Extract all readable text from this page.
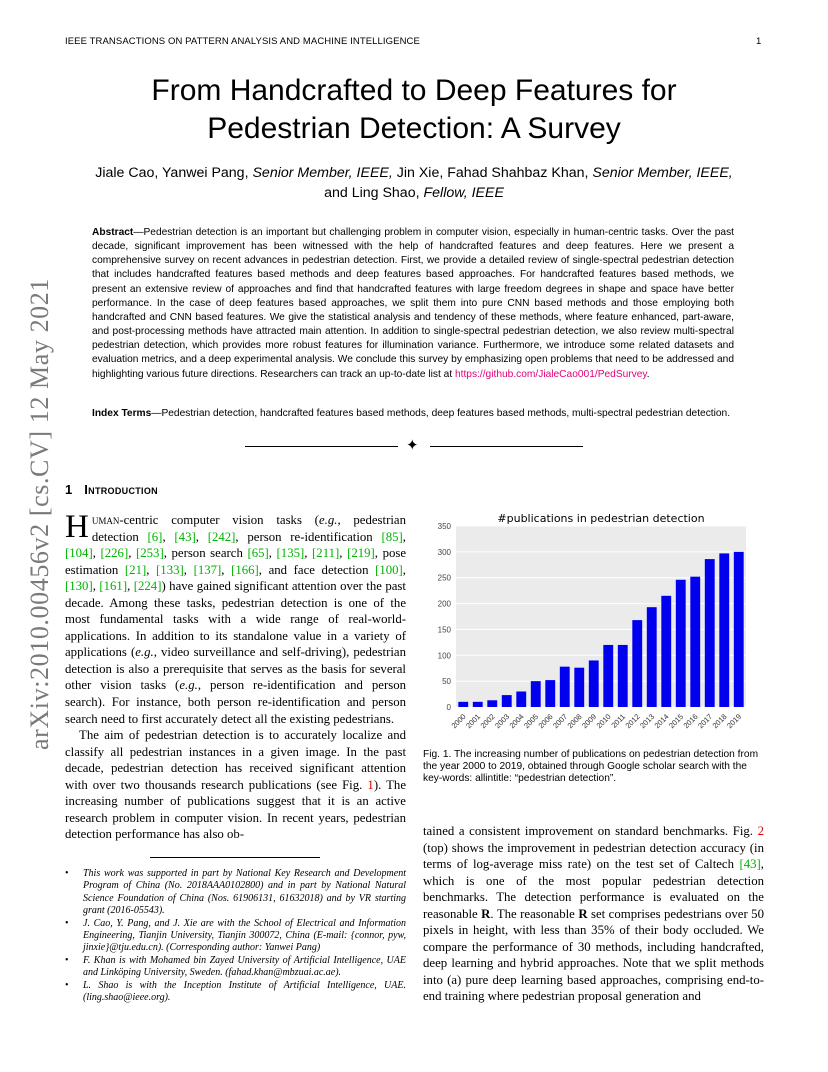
IEEE TRANSACTIONS ON PATTERN ANALYSIS AND MACHINE INTELLIGENCE	1
From Handcrafted to Deep Features for
Pedestrian Detection: A Survey
Jiale Cao, Yanwei Pang, Senior Member, IEEE, Jin Xie, Fahad Shahbaz Khan, Senior Member, IEEE,
and Ling Shao, Fellow, IEEE
Abstract—Pedestrian detection is an important but challenging problem in computer vision, especially in human-centric tasks. Over the past decade, significant improvement has been witnessed with the help of handcrafted features and deep features. Here we present a comprehensive survey on recent advances in pedestrian detection. First, we provide a detailed review of single-spectral pedestrian detection that includes handcrafted features based methods and deep features based approaches. For handcrafted features based methods, we present an extensive review of approaches and find that handcrafted features with large freedom degrees in shape and space have better performance. In the case of deep features based approaches, we split them into pure CNN based methods and those employing both handcrafted and CNN based features. We give the statistical analysis and tendency of these methods, where feature enhanced, part-aware, and post-processing methods have attracted main attention. In addition to single-spectral pedestrian detection, we also review multi-spectral pedestrian detection, which provides more robust features for illumination variance. Furthermore, we introduce some related datasets and evaluation metrics, and a deep experimental analysis. We conclude this survey by emphasizing open problems that need to be addressed and highlighting various future directions. Researchers can track an up-to-date list at https://github.com/JialeCao001/PedSurvey.
Index Terms—Pedestrian detection, handcrafted features based methods, deep features based methods, multi-spectral pedestrian detection.
✦
arXiv:2010.00456v2 [cs.CV] 12 May 2021 1 Introduction

Human-centric computer vision tasks (e.g., pedestrian detection [6], [43], [242], person re-identification [85], [104], [226], [253], person search [65], [135], [211], [219], pose estimation [21], [133], [137], [166], and face detection [100], [130], [161], [224]) have gained significant attention over the past decade. Among these tasks, pedestrian detection is one of the most fundamental tasks with a wide range of real-world-applications. In addition to its standalone value in a variety of applications (e.g., video surveillance and self-driving), pedestrian detection is also a prerequisite that serves as the basis for several other vision tasks (e.g., person re-identification and person search). For instance, both person re-identification and person search need to first accurately detect all the existing pedestrians.

The aim of pedestrian detection is to accurately localize and classify all pedestrian instances in a given image. In the past decade, pedestrian detection has received significant attention with over two thousands research publications (see Fig. 1). The increasing number of publications suggest that it is an active research problem in computer vision. In recent years, pedestrian detection performance has also ob-

• This work was supported in part by National Key Research and Development Program of China (No. 2018AAA0102800) and in part by National Natural Science Foundation of China (Nos. 61906131, 61632018) and by VR starting grant (2016-05543).
• J. Cao, Y. Pang, and J. Xie are with the School of Electrical and Information Engineering, Tianjin University, Tianjin 300072, China (E-mail: {connor, pyw, jinxie}@tju.edu.cn). (Corresponding author: Yanwei Pang)
• F. Khan is with Mohamed bin Zayed University of Artificial Intelligence, UAE and Linköping University, Sweden. (fahad.khan@mbzuai.ac.ae).
• L. Shao is with the Inception Institute of Artificial Intelligence, UAE. (ling.shao@ieee.org).
0
50
100
150
200
250
300
350
2000
2001
2002
2003
2004
2005
2006
2007
2008
2009
2010
2011
2012
2013
2014
2015
2016
2017
2018
2019
#publications in pedestrian detection
Fig. 1. The increasing number of publications on pedestrian detection from the year 2000 to 2019, obtained through Google scholar search with the key-words: allintitle: “pedestrian detection”.
tained a consistent improvement on standard benchmarks. Fig. 2 (top) shows the improvement in pedestrian detection accuracy (in terms of log-average miss rate) on the test set of Caltech [43], which is one of the most popular pedestrian detection benchmarks. The detection performance is evaluated on the reasonable R. The reasonable R set comprises pedestrians over 50 pixels in height, with less than 35% of their body occluded. We compare the performance of 30 methods, including handcrafted, deep learning and hybrid approaches. Note that we split methods into (a) pure deep learning based approaches, comprising end-to-end training where pedestrian proposal generation and
